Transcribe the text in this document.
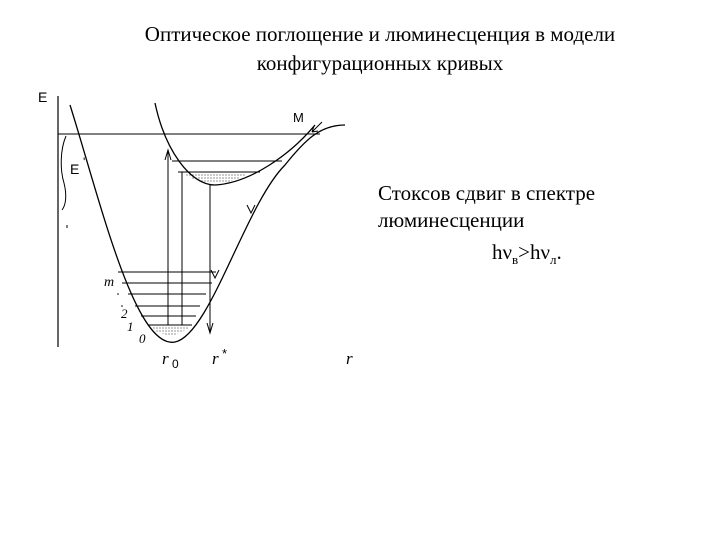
Оптическое поглощение и люминесценция в модели
конфигурационных кривых
Стоксов сдвиг в спектре
люминесценции
$h\nu_в>h\nu_л$.
E
E '
M
m
2
1
0
r 0 r *	r
